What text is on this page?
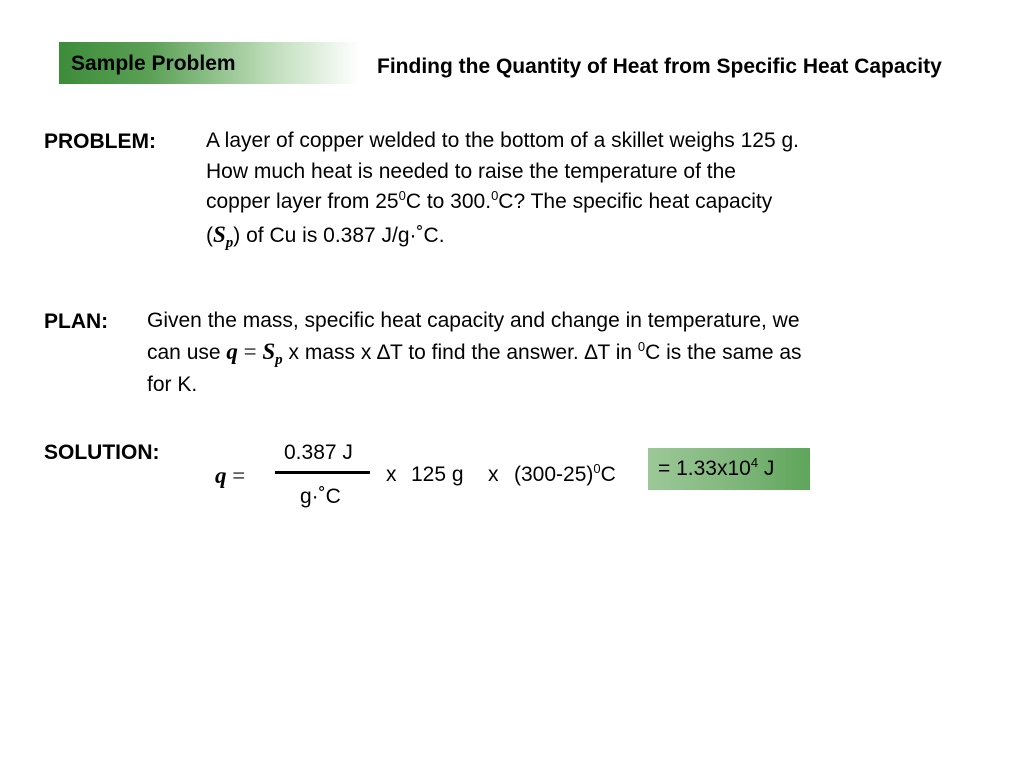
Sample Problem	Finding the Quantity of Heat from Specific Heat Capacity
PROBLEM: A layer of copper welded to the bottom of a skillet weighs 125 g.
How much heat is needed to raise the temperature of the
copper layer from $25^0C$ to 300.$^0$C? The specific heat capacity
$(S_p)$ of Cu is 0.387 J/g·˚C.
PLAN: Given the mass, specific heat capacity and change in temperature, we
can use $q = S_p$ x mass x ∆T to find the answer. ∆T in $^0$C is the same as
for K.
SOLUTION:
q =
0.387 J
g·˚C
x 125 g x $(300-25)^0C = 1.33x10^4$ J
